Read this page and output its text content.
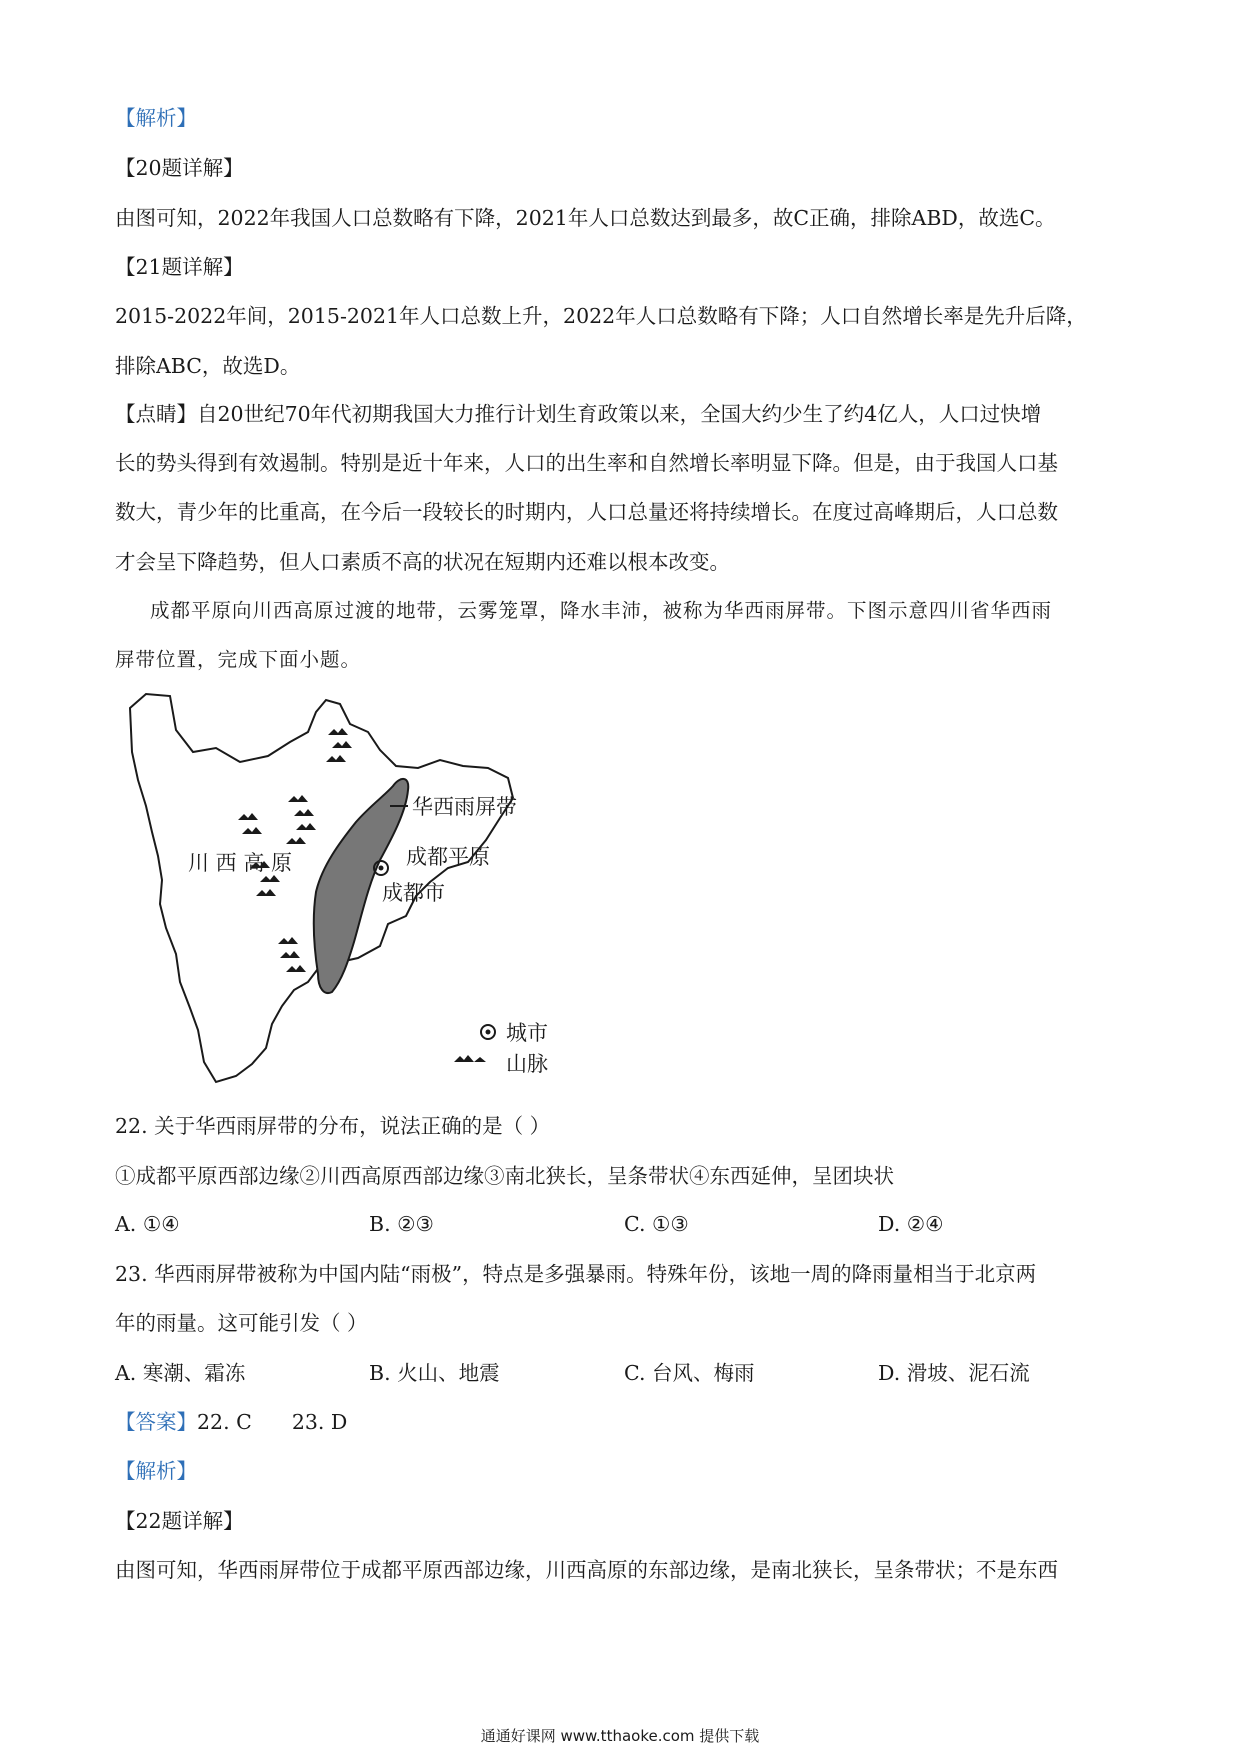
【解析】
【20题详解】
由图可知，2022年我国人口总数略有下降，2021年人口总数达到最多，故C正确，排除ABD，故选C。
【21题详解】
2015-2022年间，2015-2021年人口总数上升，2022年人口总数略有下降；人口自然增长率是先升后降，
排除ABC，故选D。
【点睛】自20世纪70年代初期我国大力推行计划生育政策以来，全国大约少生了约4亿人，人口过快增
长的势头得到有效遏制。特别是近十年来，人口的出生率和自然增长率明显下降。但是，由于我国人口基
数大，青少年的比重高，在今后一段较长的时期内，人口总量还将持续增长。在度过高峰期后，人口总数
才会呈下降趋势，但人口素质不高的状况在短期内还难以根本改变。
成都平原向川西高原过渡的地带，云雾笼罩，降水丰沛，被称为华西雨屏带。下图示意四川省华西雨
屏带位置，完成下面小题。
川 西 高 原
华西雨屏带
成都平原
成都市
城市
山脉
22. 关于华西雨屏带的分布，说法正确的是（ ）
①成都平原西部边缘②川西高原西部边缘③南北狭长，呈条带状④东西延伸，呈团块状
A. ①④	B. ②③	C. ①③	D. ②④
23. 华西雨屏带被称为中国内陆“雨极”，特点是多强暴雨。特殊年份，该地一周的降雨量相当于北京两
年的雨量。这可能引发（ ）
A. 寒潮、霜冻	B. 火山、地震	C. 台风、梅雨	D. 滑坡、泥石流
【答案】22. C 23. D
【解析】
【22题详解】
由图可知，华西雨屏带位于成都平原西部边缘，川西高原的东部边缘，是南北狭长，呈条带状；不是东西
通通好课网 www.tthaoke.com 提供下载
